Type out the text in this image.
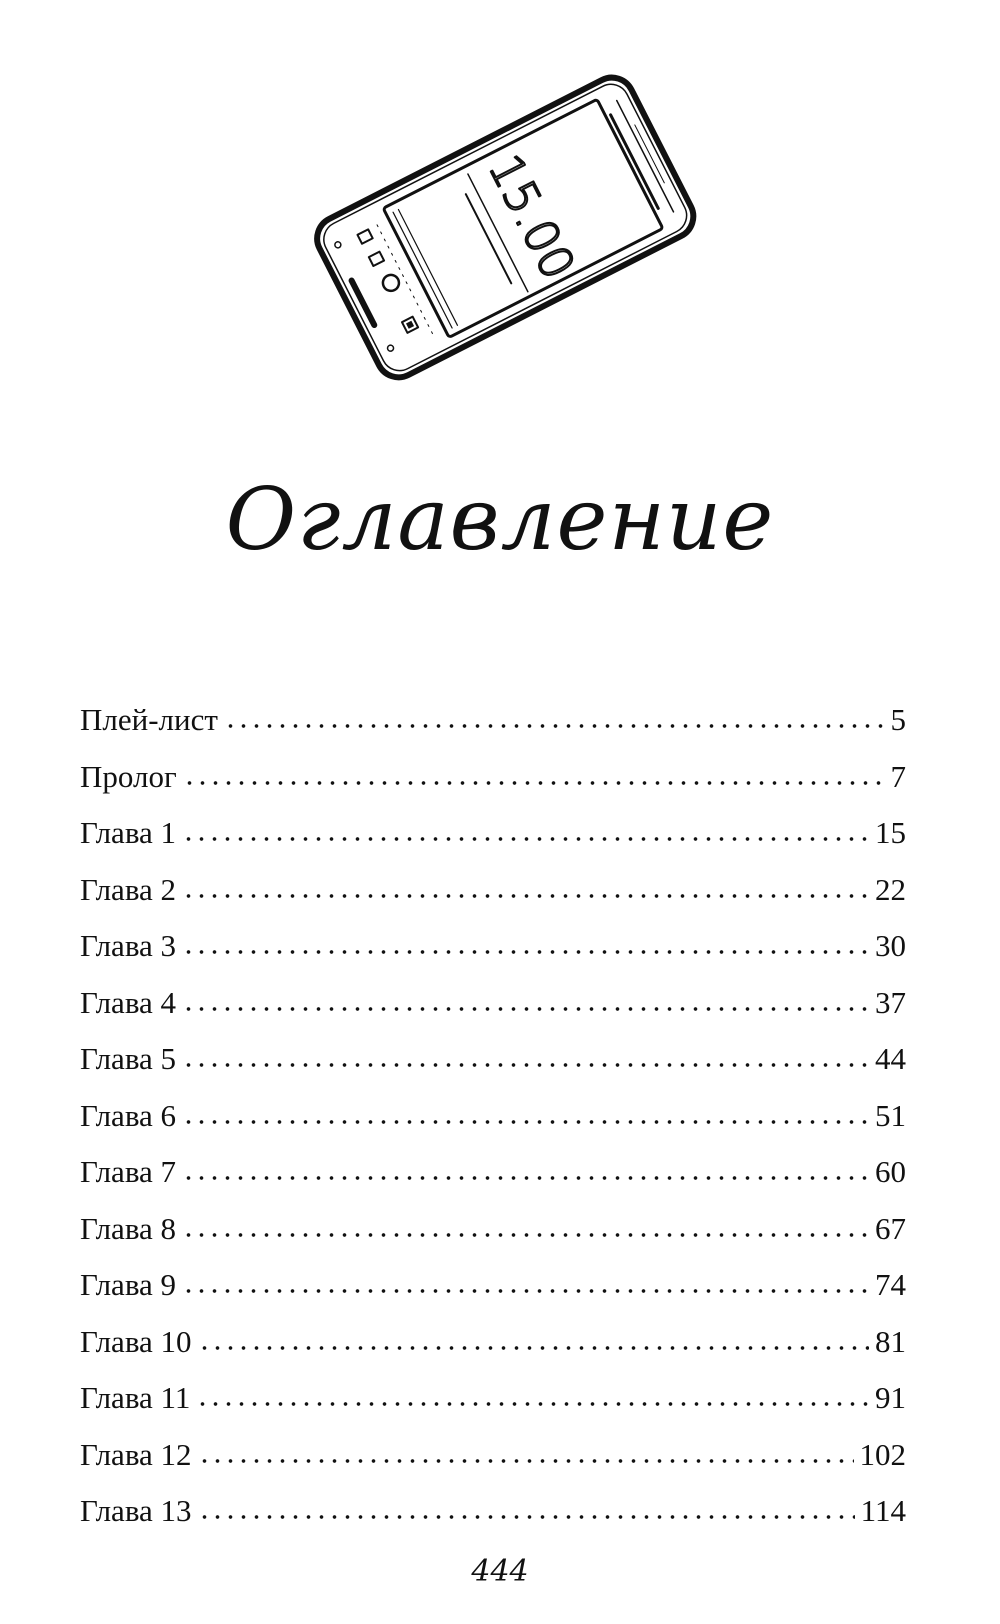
15.00
Оглавление
Плей-лист	5
Пролог	7
Глава 1	15
Глава 2	22
Глава 3	30
Глава 4	37
Глава 5	44
Глава 6	51
Глава 7	60
Глава 8	67
Глава 9	74
Глава 10	81
Глава 11	91
Глава 12	102
Глава 13	114
444
